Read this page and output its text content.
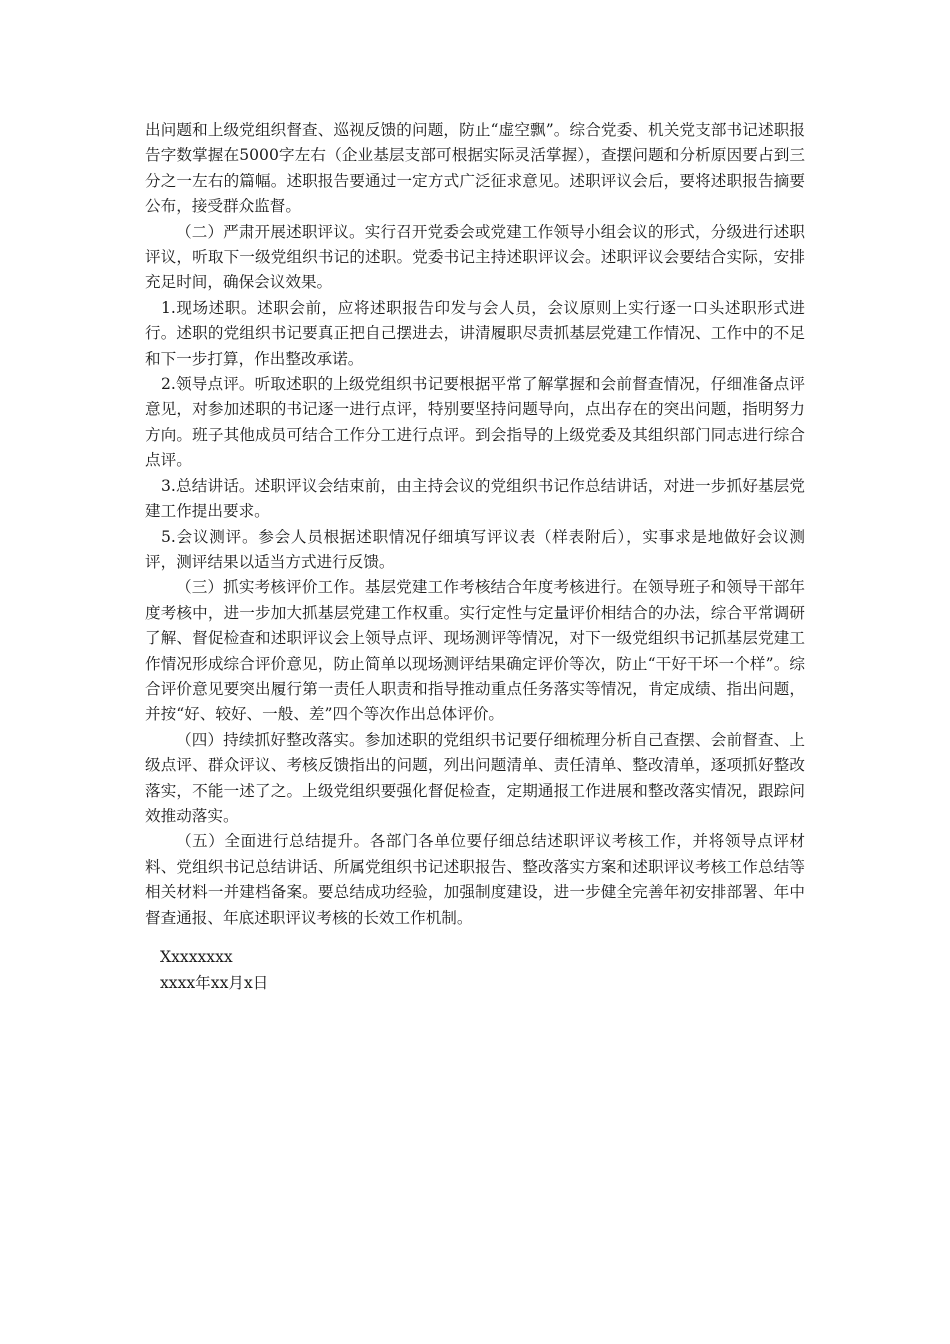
出问题和上级党组织督查、巡视反馈的问题，防止“虚空飘”。综合党委、机关党支部书记述职报告字数掌握在5000字左右（企业基层支部可根据实际灵活掌握），查摆问题和分析原因要占到三分之一左右的篇幅。述职报告要通过一定方式广泛征求意见。述职评议会后，要将述职报告摘要公布，接受群众监督。

（二）严肃开展述职评议。实行召开党委会或党建工作领导小组会议的形式，分级进行述职评议，听取下一级党组织书记的述职。党委书记主持述职评议会。述职评议会要结合实际，安排充足时间，确保会议效果。

1.现场述职。述职会前，应将述职报告印发与会人员，会议原则上实行逐一口头述职形式进行。述职的党组织书记要真正把自己摆进去，讲清履职尽责抓基层党建工作情况、工作中的不足和下一步打算，作出整改承诺。

2.领导点评。听取述职的上级党组织书记要根据平常了解掌握和会前督查情况，仔细准备点评意见，对参加述职的书记逐一进行点评，特别要坚持问题导向，点出存在的突出问题，指明努力方向。班子其他成员可结合工作分工进行点评。到会指导的上级党委及其组织部门同志进行综合点评。

3.总结讲话。述职评议会结束前，由主持会议的党组织书记作总结讲话，对进一步抓好基层党建工作提出要求。

5.会议测评。参会人员根据述职情况仔细填写评议表（样表附后），实事求是地做好会议测评，测评结果以适当方式进行反馈。

（三）抓实考核评价工作。基层党建工作考核结合年度考核进行。在领导班子和领导干部年度考核中，进一步加大抓基层党建工作权重。实行定性与定量评价相结合的办法，综合平常调研了解、督促检查和述职评议会上领导点评、现场测评等情况，对下一级党组织书记抓基层党建工作情况形成综合评价意见，防止简单以现场测评结果确定评价等次，防止“干好干坏一个样”。综合评价意见要突出履行第一责任人职责和指导推动重点任务落实等情况，肯定成绩、指出问题，并按“好、较好、一般、差”四个等次作出总体评价。

（四）持续抓好整改落实。参加述职的党组织书记要仔细梳理分析自己查摆、会前督查、上级点评、群众评议、考核反馈指出的问题，列出问题清单、责任清单、整改清单，逐项抓好整改落实，不能一述了之。上级党组织要强化督促检查，定期通报工作进展和整改落实情况，跟踪问效推动落实。

（五）全面进行总结提升。各部门各单位要仔细总结述职评议考核工作，并将领导点评材料、党组织书记总结讲话、所属党组织书记述职报告、整改落实方案和述职评议考核工作总结等相关材料一并建档备案。要总结成功经验，加强制度建设，进一步健全完善年初安排部署、年中督查通报、年底述职评议考核的长效工作机制。

Xxxxxxxx
xxxx年xx月x日
